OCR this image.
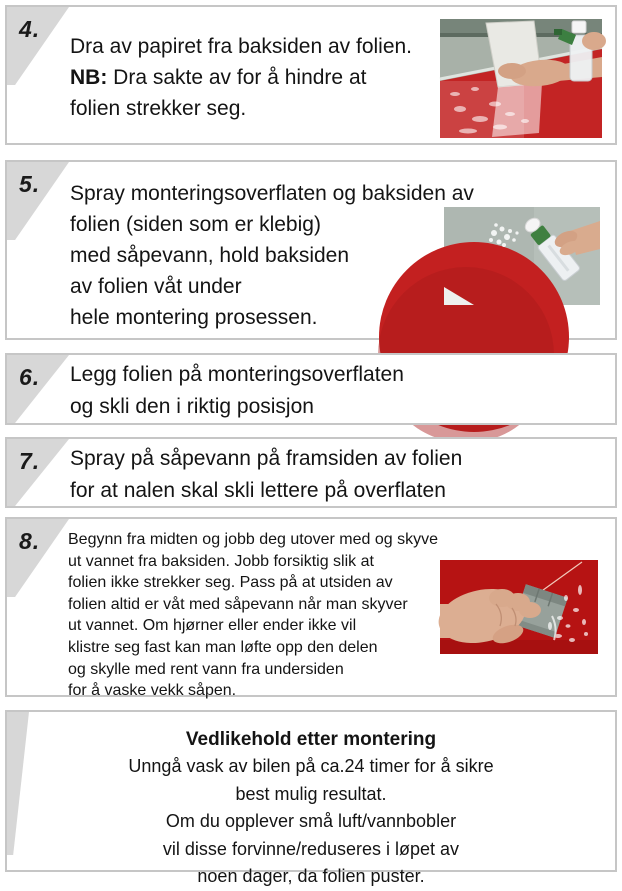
4.
Dra av papiret fra baksiden av folien.
NB: Dra sakte av for å hindre at
folien strekker seg.
5. Spray monteringsoverflaten og baksiden av
folien (siden som er klebig)
med såpevann, hold baksiden
av folien våt under
hele montering prosessen.
6. Legg folien på monteringsoverflaten
og skli den i riktig posisjon
7. Spray på såpevann på framsiden av folien
for at nalen skal skli lettere på overflaten
8. Begynn fra midten og jobb deg utover med og skyve
ut vannet fra baksiden. Jobb forsiktig slik at
folien ikke strekker seg. Pass på at utsiden av
folien altid er våt med såpevann når man skyver
ut vannet. Om hjørner eller ender ikke vil
klistre seg fast kan man løfte opp den delen
og skylle med rent vann fra undersiden
for å vaske vekk såpen.
Vedlikehold etter montering
Unngå vask av bilen på ca.24 timer for å sikre
best mulig resultat.
Om du opplever små luft/vannbobler
vil disse forvinne/reduseres i løpet av
noen dager, da folien puster.
